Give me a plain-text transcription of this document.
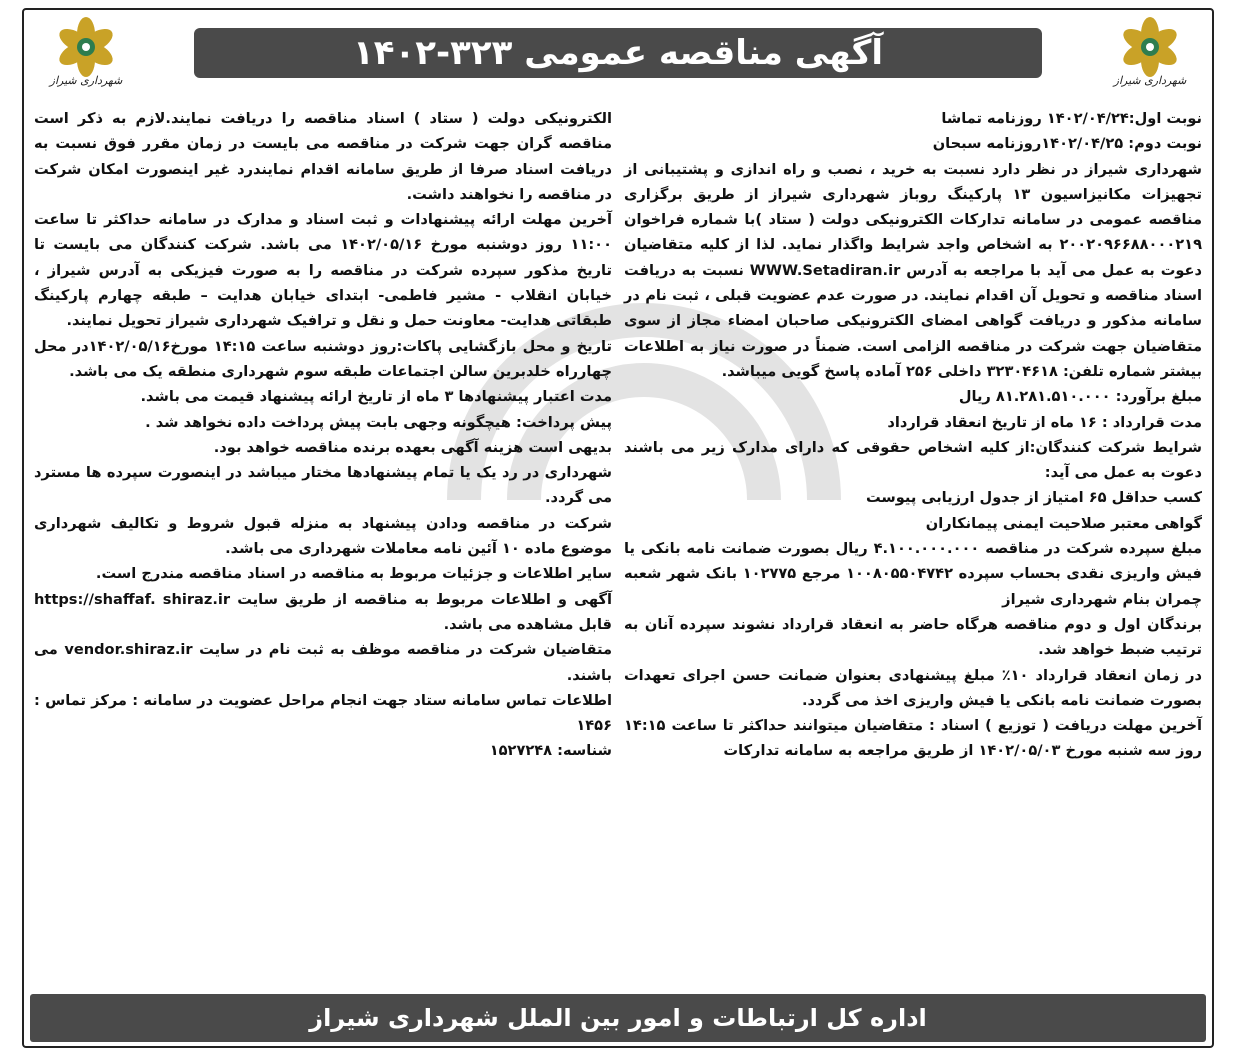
شهرداری شیراز
آگهی مناقصه عمومی ۳۲۳-۱۴۰۲
شهرداری شیراز

نوبت اول:۱۴۰۲/۰۴/۲۴ روزنامه تماشا

نوبت دوم: ۱۴۰۲/۰۴/۲۵روزنامه سبحان

شهرداری شیراز در نظر دارد نسبت به خرید ، نصب و راه اندازی و پشتیبانی از تجهیزات مکانیزاسیون ۱۳ پارکینگ روباز شهرداری شیراز از طریق برگزاری مناقصه عمومی در سامانه تدارکات الکترونیکی دولت ( ستاد )با شماره فراخوان ۲۰۰۲۰۹۶۶۸۸۰۰۰۲۱۹ به اشخاص واجد شرایط واگذار نماید. لذا از کلیه متقاضیان دعوت به عمل می آید با مراجعه به آدرس WWW.Setadiran.ir نسبت به دریافت اسناد مناقصه و تحویل آن اقدام نمایند. در صورت عدم عضویت قبلی ، ثبت نام در سامانه مذکور و دریافت گواهی امضای الکترونیکی صاحبان امضاء مجاز از سوی متقاضیان جهت شرکت در مناقصه الزامی است. ضمناً در صورت نیاز به اطلاعات بیشتر شماره تلفن: ۳۲۳۰۴۶۱۸ داخلی ۲۵۶ آماده پاسخ گویی میباشد.

مبلغ برآورد: ۸۱.۲۸۱.۵۱۰.۰۰۰ ریال

مدت قرارداد : ۱۶ ماه از تاریخ انعقاد قرارداد

شرایط شرکت کنندگان:از کلیه اشخاص حقوقی که دارای مدارک زیر می باشند دعوت به عمل می آید:

کسب حداقل ۶۵ امتیاز از جدول ارزیابی پیوست

گواهی معتبر صلاحیت ایمنی پیمانکاران

مبلغ سپرده شرکت در مناقصه ۴.۱۰۰.۰۰۰.۰۰۰ ریال بصورت ضمانت نامه بانکی یا فیش واریزی نقدی بحساب سپرده ۱۰۰۸۰۵۵۰۴۷۴۲ مرجع ۱۰۲۷۷۵ بانک شهر شعبه چمران بنام شهرداری شیراز

برندگان اول و دوم مناقصه هرگاه حاضر به انعقاد قرارداد نشوند سپرده آنان به ترتیب ضبط خواهد شد.

در زمان انعقاد قرارداد ۱۰٪ مبلغ پیشنهادی بعنوان ضمانت حسن اجرای تعهدات بصورت ضمانت نامه بانکی یا فیش واریزی اخذ می گردد.

آخرین مهلت دریافت ( توزیع ) اسناد : متقاضیان میتوانند حداکثر تا ساعت ۱۴:۱۵ روز سه شنبه مورخ ۱۴۰۲/۰۵/۰۳ از طریق مراجعه به سامانه تدارکات

الکترونیکی دولت ( ستاد ) اسناد مناقصه را دریافت نمایند.لازم به ذکر است مناقصه گران جهت شرکت در مناقصه می بایست در زمان مقرر فوق نسبت به دریافت اسناد صرفا از طریق سامانه اقدام نمایندرد غیر اینصورت امکان شرکت در مناقصه را نخواهند داشت.

آخرین مهلت ارائه پیشنهادات و ثبت اسناد و مدارک در سامانه حداکثر تا ساعت ۱۱:۰۰ روز دوشنبه مورخ ۱۴۰۲/۰۵/۱۶ می باشد. شرکت کنندگان می بایست تا تاریخ مذکور سپرده شرکت در مناقصه را به صورت فیزیکی به آدرس شیراز ، خیابان انقلاب - مشیر فاطمی- ابتدای خیابان هدایت – طبقه چهارم پارکینگ طبقاتی هدایت- معاونت حمل و نقل و ترافیک شهرداری شیراز تحویل نمایند.

تاریخ و محل بازگشایی پاکات:روز دوشنبه ساعت ۱۴:۱۵ مورخ۱۴۰۲/۰۵/۱۶در محل چهارراه خلدبرین سالن اجتماعات طبقه سوم شهرداری منطقه یک می باشد.

مدت اعتبار پیشنهادها ۳ ماه از تاریخ ارائه پیشنهاد قیمت می باشد.

پیش پرداخت: هیچگونه وجهی بابت پیش پرداخت داده نخواهد شد .

بدیهی است هزینه آگهی بعهده برنده مناقصه خواهد بود.

شهرداری در رد یک یا تمام پیشنهادها مختار میباشد در اینصورت سپرده ها مسترد می گردد.

شرکت در مناقصه ودادن پیشنهاد به منزله قبول شروط و تکالیف شهرداری موضوع ماده ۱۰ آئین نامه معاملات شهرداری می باشد.

سایر اطلاعات و جزئیات مربوط به مناقصه در اسناد مناقصه مندرج است.

آگهی و اطلاعات مربوط به مناقصه از طریق سایت https://shaffaf. shiraz.ir قابل مشاهده می باشد.

متقاضیان شرکت در مناقصه موظف به ثبت نام در سایت vendor.shiraz.ir می باشند.

اطلاعات تماس سامانه ستاد جهت انجام مراحل عضویت در سامانه : مرکز تماس : ۱۴۵۶

شناسه: ۱۵۲۷۲۴۸

اداره کل ارتباطات و امور بین الملل شهرداری شیراز
